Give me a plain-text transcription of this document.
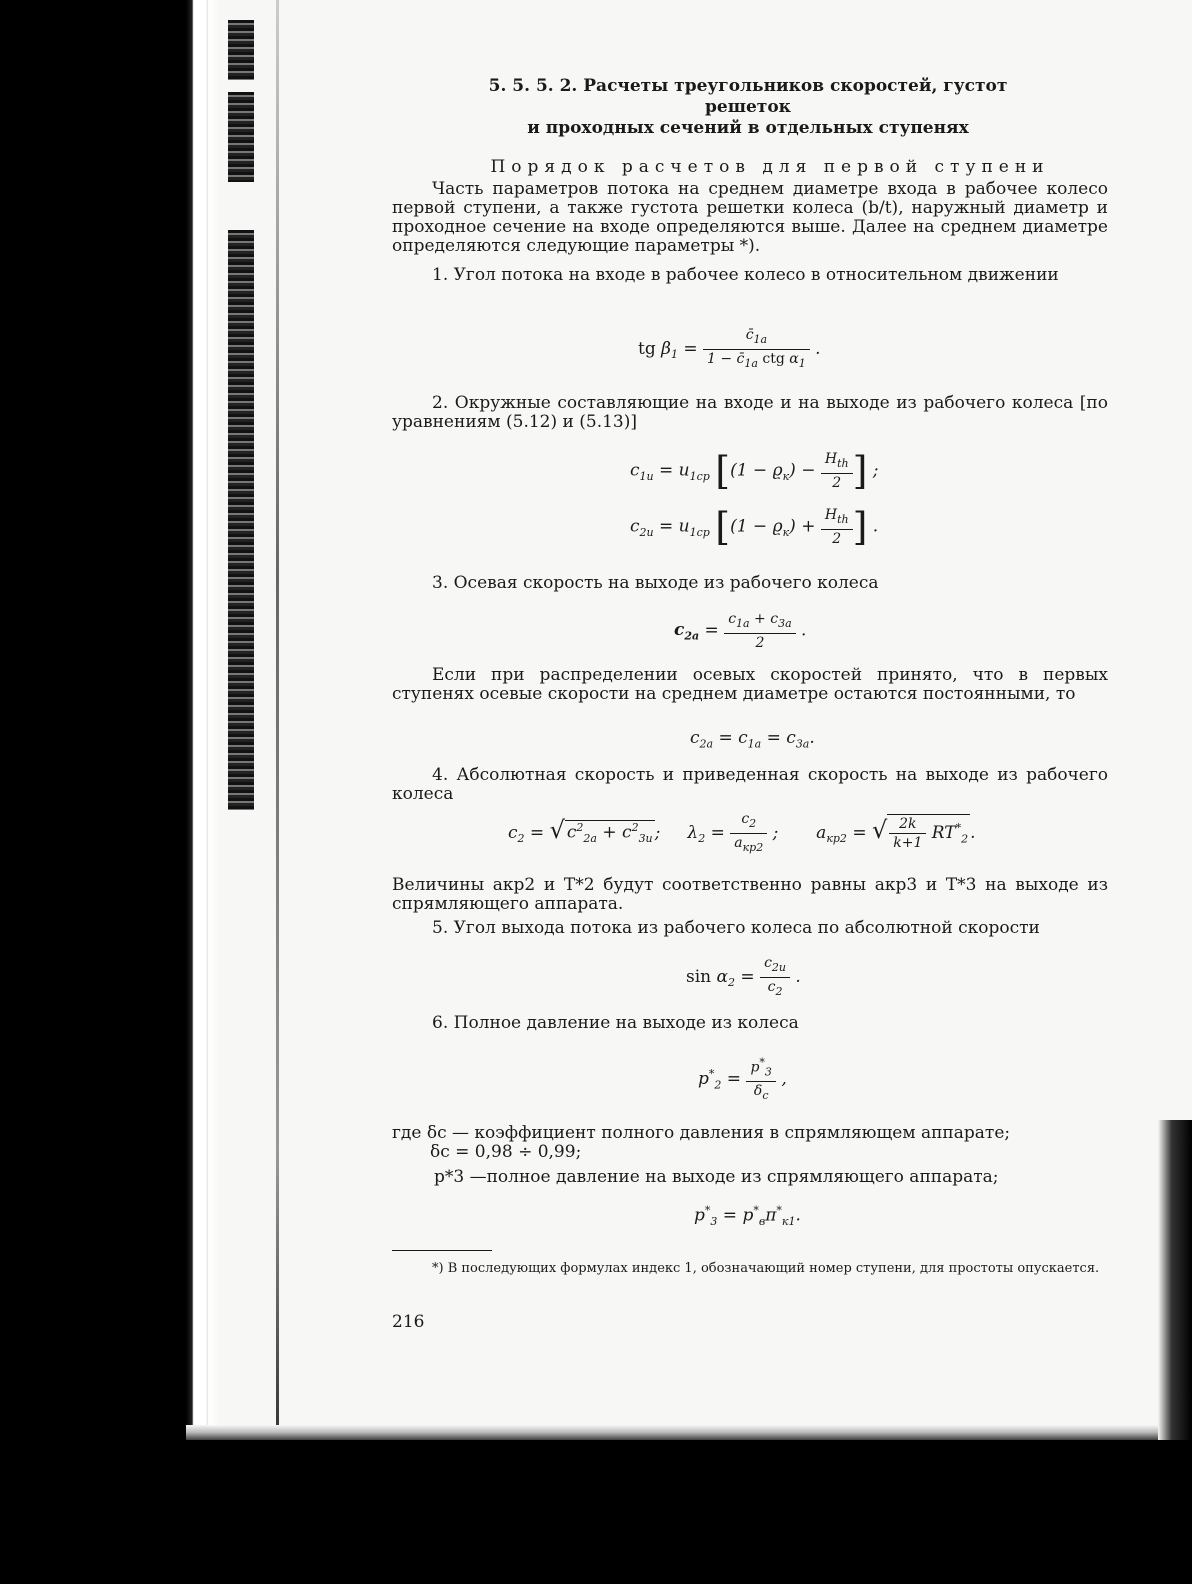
5. 5. 5. 2. Расчеты треугольников скоростей, густот решеток
и проходных сечений в отдельных ступенях
Порядок расчетов для первой ступени

Часть параметров потока на среднем диаметре входа в рабочее колесо первой ступени, а также густота решетки колеса (b/t), наружный диаметр и проходное сечение на входе определяются выше. Далее на среднем диаметре определяются следующие параметры *).

1. Угол потока на входе в рабочее колесо в относительном движении

tg $\beta_1 = \frac{c̄_{1a}}{1 - c̄_{1a} ctg \alpha_1}$ .

2. Окружные составляющие на входе и на выходе из рабочего колеса [по уравнениям (5.12) и (5.13)]

$c_{1u} = u_{1ср}$ [$(1 - ϱ_к) - \frac{H_{th}}{2}$ ] ;
$c_{2u} = u_{1ср}$ [$(1 - ϱ_к) + \frac{H_{th}}{2}$ ] .

3. Осевая скорость на выходе из рабочего колеса

$c_{2a} = \frac{c_{1a} + c_{3a}}{2}$ .

Если при распределении осевых скоростей принято, что в первых ступенях осевые скорости на среднем диаметре остаются постоянными, то

$c_{2a} = c_{1a} = c_{3a}$.

4. Абсолютная скорость и приведенная скорость на выходе из рабочего колеса

$c_2$ = √ $c^2_{2a} + c^2_{3u}$ ;     $\lambda_2 = \frac{c_2}{a_{кр2}}$ ;       $a_{кр2}$ = √ $\frac{2k}{k+1} RT^*_2$ .

Величины aкр2 и T*2 будут соответственно равны aкр3 и T*3 на выходе из спрямляющего аппарата.

5. Угол выхода потока из рабочего колеса по абсолютной скорости

$\sin \alpha_2 = \frac{c_{2u}}{c_2}$ .

6. Полное давление на выходе из колеса

$p^*_2 = \frac{p^*_3}{\delta_c}$ ,

где δc — коэффициент полного давления в спрямляющем аппарате;

δc = 0,98 ÷ 0,99;

p*3 —полное давление на выходе из спрямляющего аппарата;

$p^*_3 = p^*_в\pi^*_{к1}$.
*) В последующих формулах индекс 1, обозначающий номер ступени, для простоты опускается.
216
